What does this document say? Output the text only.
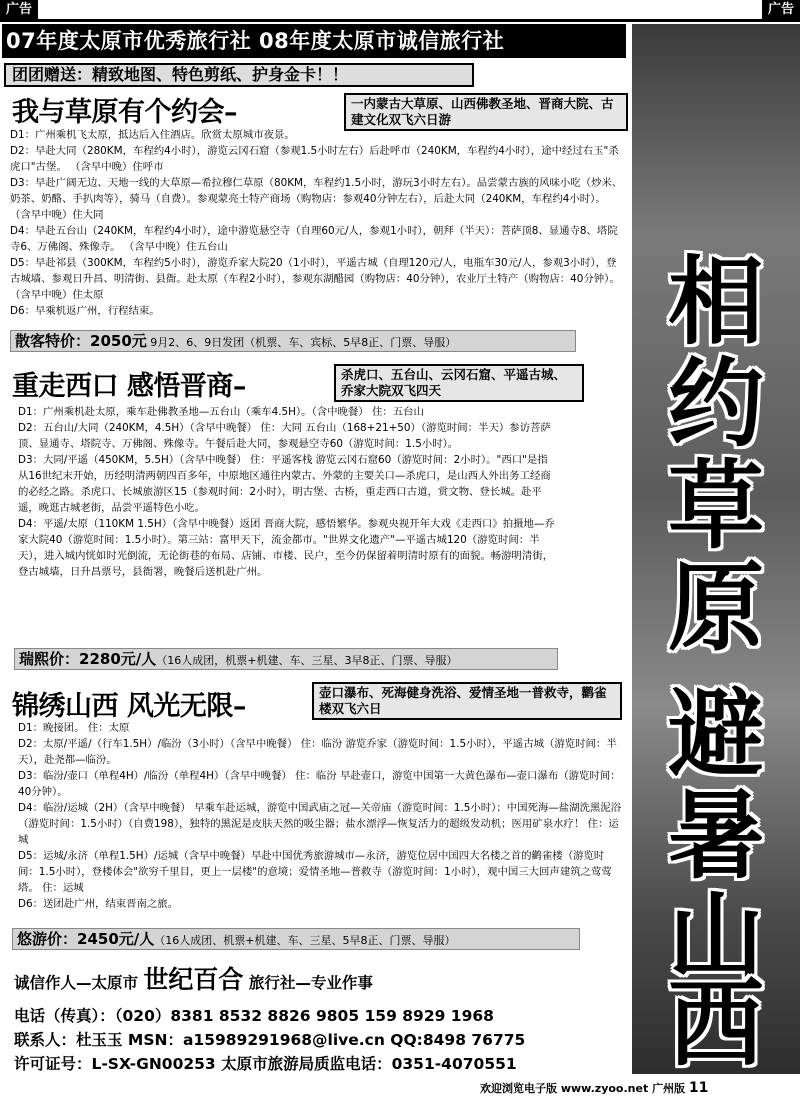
广告	广告
07年度太原市优秀旅行社 08年度太原市诚信旅行社
团团赠送：精致地图、特色剪纸、护身金卡！！
我与草原有个约会–	一内蒙古大草原、山西佛教圣地、晋商大院、古建文化双飞六日游

D1：广州乘机飞太原，抵达后入住酒店。欣赏太原城市夜景。

D2：早赴大同（280KM，车程约4小时），游览云冈石窟（参观1.5小时左右）后赴呼市（240KM，车程约4小时），途中经过右玉"杀虎口"古堡。 （含早中晚）住呼市

D3：早赴广阔无边、天地一线的大草原—希拉穆仁草原（80KM，车程约1.5小时，游玩3小时左右）。品尝蒙古族的风味小吃（炒米、奶茶、奶酪、手扒肉等），骑马（自费）。参观蒙亮土特产商场（购物店：参观40分钟左右），后赴大同（240KM，车程约4小时）。 （含早中晚）住大同

D4：早赴五台山（240KM，车程约4小时），途中游览悬空寺（自理60元/人，参观1小时），朝拜（半天）：菩萨顶8、显通寺8、塔院寺6、万佛阁、殊像寺。 （含早中晚）住五台山

D5：早赴祁县（300KM，车程约5小时），游览乔家大院20（1小时），平遥古城（自理120元/人，电瓶车30元/人，参观3小时），登古城墙、参观日升昌、明清街、县衙。赴太原（车程2小时），参观东湖醋园（购物店：40分钟），农业厅土特产（购物店：40分钟）。（含早中晚）住太原

D6：早乘机返广州，行程结束。

散客特价：2050元 9月2、6、9日发团（机票、车、宾标、5早8正、门票、导服）
重走西口 感悟晋商–	杀虎口、五台山、云冈石窟、平遥古城、乔家大院双飞四天

D1：广州乘机赴太原，乘车赴佛教圣地—五台山（乘车4.5H）。（含中晚餐） 住：五台山

D2：五台山/大同（240KM，4.5H）（含早中晚餐） 住：大同 五台山（168+21+50）（游览时间：半天）参访菩萨顶、显通寺、塔院寺、万佛阁、殊像寺。午餐后赴大同，参观悬空寺60（游览时间：1.5小时）。

D3：大同/平遥（450KM，5.5H）（含早中晚餐） 住：平遥客栈 游览云冈石窟60（游览时间：2小时）。"西口"是指从16世纪末开始，历经明清两朝四百多年，中原地区通往内蒙古、外蒙的主要关口—杀虎口，是山西人外出务工经商的必经之路。杀虎口、长城旅游区15（参观时间：2小时），明古堡、古桥，重走西口古道，赏文物、登长城。赴平遥，晚逛古城老街，品尝平遥特色小吃。

D4：平遥/太原（110KM 1.5H）（含早中晚餐）返团 晋商大院，感悟繁华。参观央视开年大戏《走西口》拍摄地—乔家大院40（游览时间：1.5小时）。第三站：富甲天下，流金都市。"世界文化遗产"—平遥古城120（游览时间：半天），进入城内恍如时光倒流，无论街巷的布局、店铺、市楼、民户，至今仍保留着明清时原有的面貌。畅游明清街，登古城墙，日升昌票号，县衙署，晚餐后送机赴广州。

瑞熙价：2280元/人（16人成团，机票+机建、车、三星、3早8正、门票、导服）
锦绣山西 风光无限–	壶口瀑布、死海健身洗浴、爱情圣地一普救寺，鹳雀楼双飞六日

D1：晚接团。 住：太原

D2：太原/平遥/（行车1.5H）/临汾（3小时）（含早中晚餐） 住：临汾 游览乔家（游览时间：1.5小时），平遥古城（游览时间：半天），赴尧都—临汾。

D3：临汾/壶口（单程4H）/临汾（单程4H）（含早中晚餐） 住：临汾 早赴壶口，游览中国第一大黄色瀑布—壶口瀑布（游览时间：40分钟）。

D4：临汾/运城（2H）（含早中晚餐） 早乘车赴运城，游览中国武庙之冠—关帝庙（游览时间：1.5小时）；中国死海—盐湖洗黑泥浴（游览时间：1.5小时）（自费198），独特的黑泥是皮肤天然的吸尘器；盐水漂浮—恢复活力的超级发动机；医用矿泉水疗！ 住：运城

D5：运城/永济（单程1.5H）/运城（含早中晚餐）早赴中国优秀旅游城市—永济，游览位居中国四大名楼之首的鹳雀楼（游览时间：1.5小时），登楼体会"欲穷千里目，更上一层楼"的意境；爱情圣地—普救寺（游览时间：1小时），观中国三大回声建筑之莺莺塔。 住：运城

D6：送团赴广州，结束晋南之旅。

悠游价：2450元/人（16人成团、机票+机建、车、三星、5早8正、门票、导服）
诚信作人—太原市 世纪百合 旅行社—专业作事
电话（传真）：（020）8381 8532 8826 9805 159 8929 1968
联系人：杜玉玉 MSN：a15989291968@live.cn QQ:8498 76775
许可证号：L-SX-GN00253 太原市旅游局质监电话：0351-4070551
相
约
草
原
避
暑
山
西
欢迎浏览电子版 www.zyoo.net 广州版 11
